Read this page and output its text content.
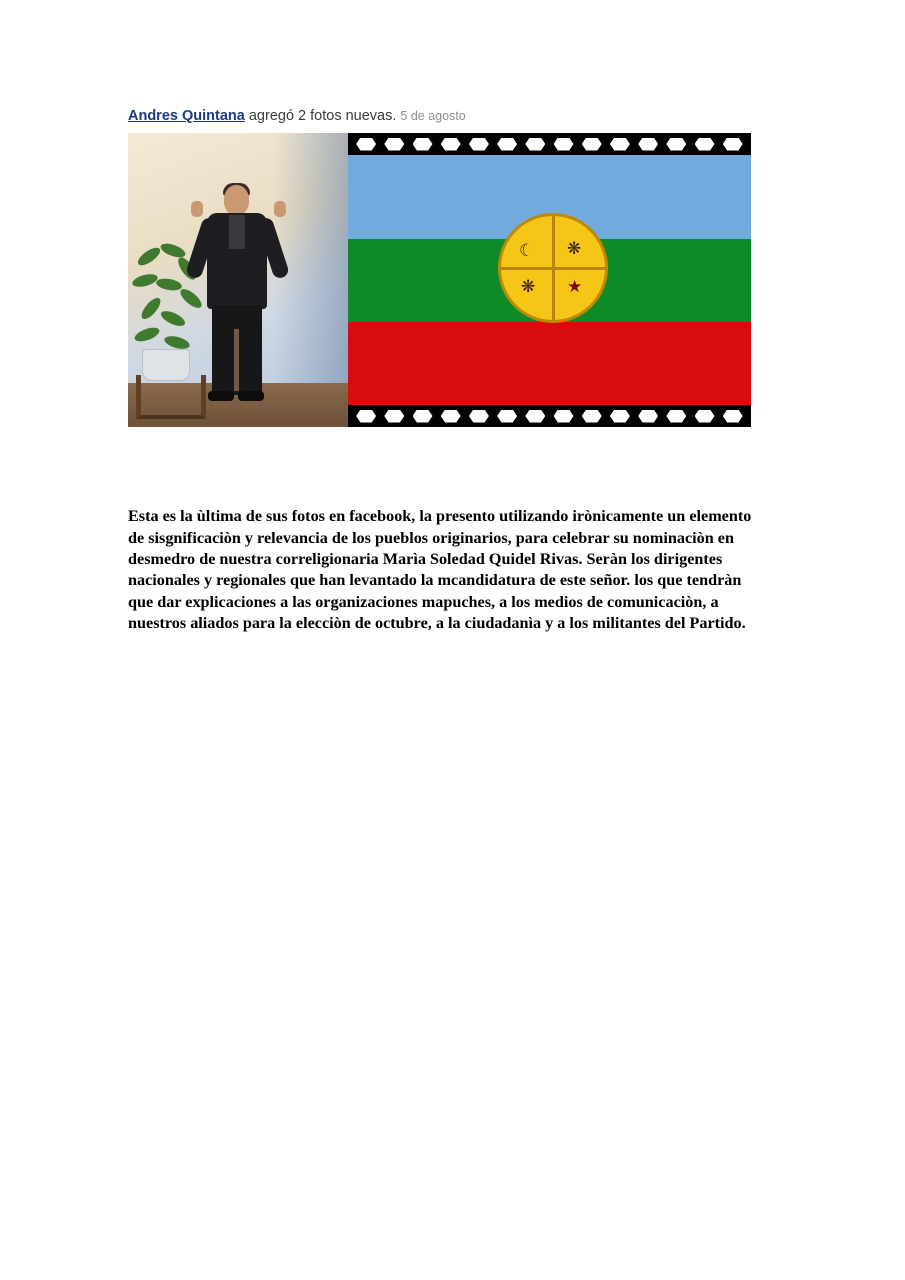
Andres Quintana agregó 2 fotos nuevas. 5 de agosto
☾ ❋
❋ ★

Esta es la ùltima de sus fotos en facebook, la presento utilizando irònicamente un elemento de sisgnificaciòn y relevancia de los pueblos originarios, para celebrar su nominaciòn en desmedro de nuestra correligionaria Marìa Soledad Quidel Rivas. Seràn los dirigentes nacionales y regionales que han levantado la mcandidatura de este señor. los que tendràn que dar explicaciones a las organizaciones mapuches, a los medios de comunicaciòn, a nuestros aliados para la elecciòn de octubre, a la ciudadanìa y a los militantes del Partido.
